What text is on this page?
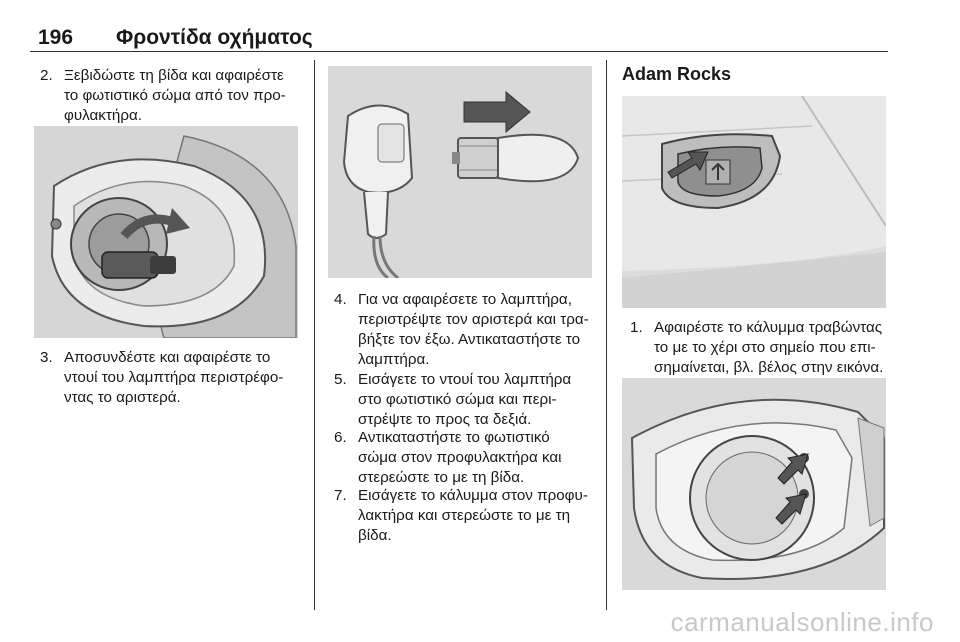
196 Φροντίδα οχήματος
2. Ξεβιδώστε τη βίδα και αφαιρέστε
το φωτιστικό σώμα από τον προ-
φυλακτήρα.
3. Αποσυνδέστε και αφαιρέστε το
ντουί του λαμπτήρα περιστρέφο-
ντας το αριστερά.
4. Για να αφαιρέσετε το λαμπτήρα,
περιστρέψτε τον αριστερά και τρα-
βήξτε τον έξω. Αντικαταστήστε το
λαμπτήρα.
5. Εισάγετε το ντουί του λαμπτήρα
στο φωτιστικό σώμα και περι-
στρέψτε το προς τα δεξιά.
6. Αντικαταστήστε το φωτιστικό
σώμα στον προφυλακτήρα και
στερεώστε το με τη βίδα.
7. Εισάγετε το κάλυμμα στον προφυ-
λακτήρα και στερεώστε το με τη
βίδα.
Adam Rocks
1. Αφαιρέστε το κάλυμμα τραβώντας
το με το χέρι στο σημείο που επι-
σημαίνεται, βλ. βέλος στην εικόνα.
carmanualsonline.info
